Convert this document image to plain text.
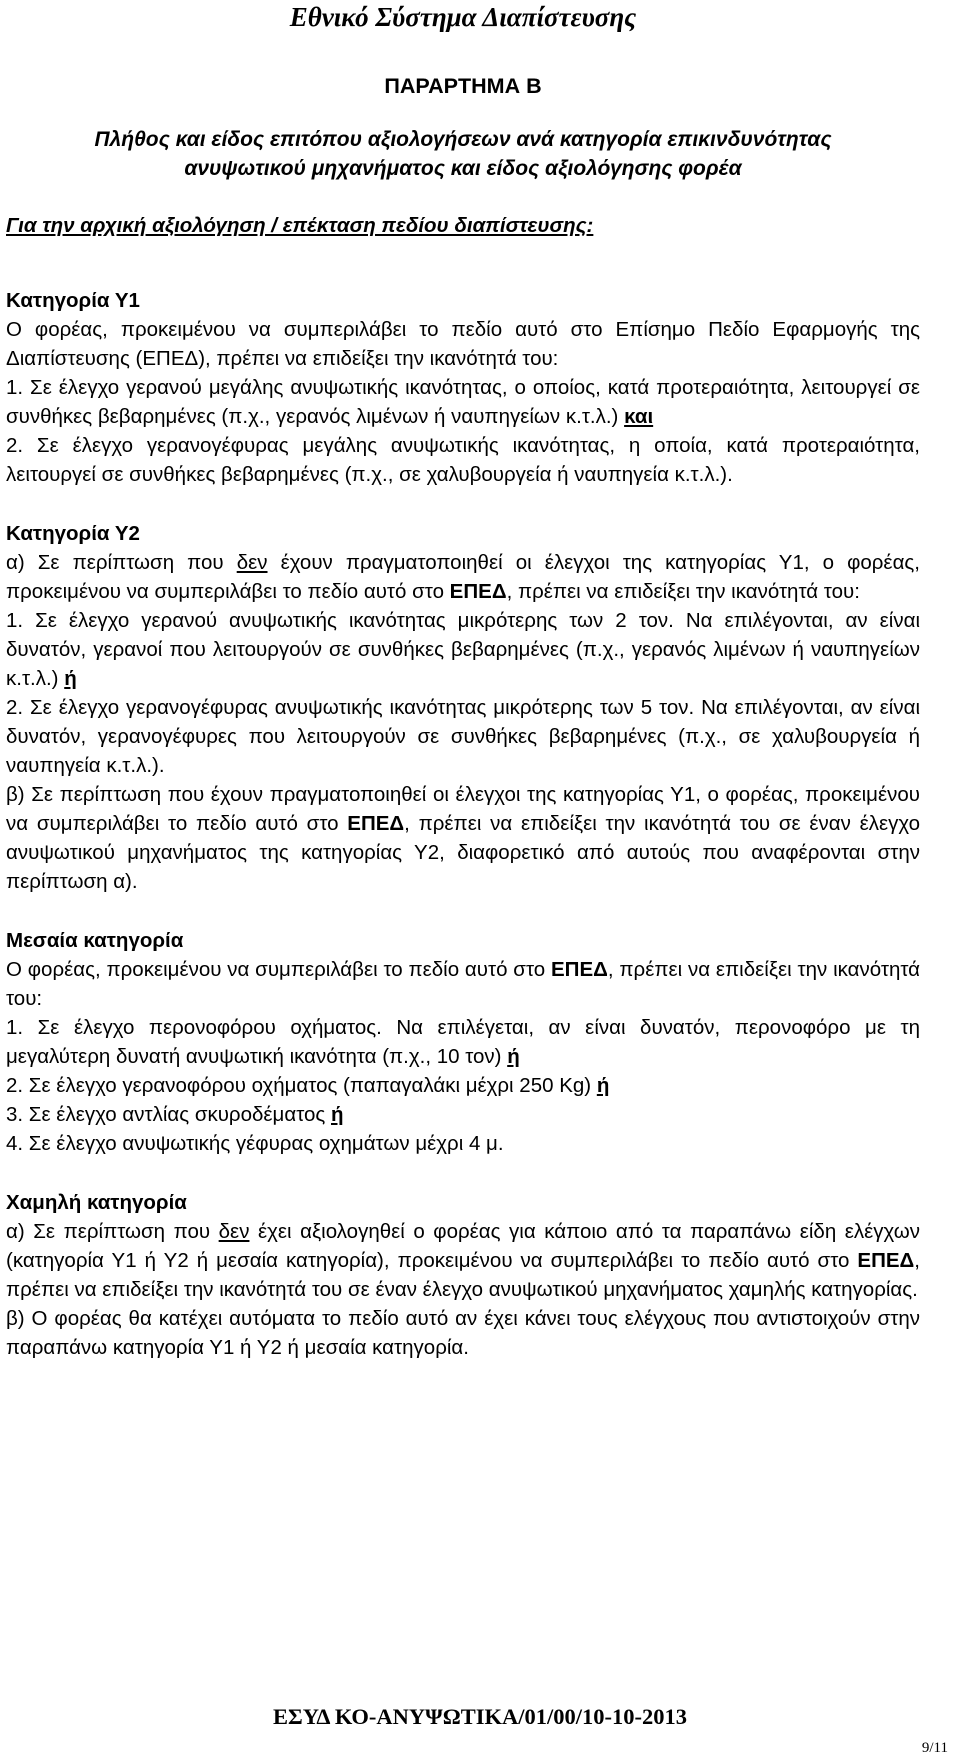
Εθνικό Σύστημα Διαπίστευσης

ΠΑΡΑΡΤΗΜΑ Β

Πλήθος και είδος επιτόπου αξιολογήσεων ανά κατηγορία επικινδυνότητας
ανυψωτικού μηχανήματος και είδος αξιολόγησης φορέα

Για την αρχική αξιολόγηση / επέκταση πεδίου διαπίστευσης:

Κατηγορία Υ1

Ο φορέας, προκειμένου να συμπεριλάβει το πεδίο αυτό στο Επίσημο Πεδίο Εφαρμογής της Διαπίστευσης (ΕΠΕΔ), πρέπει να επιδείξει την ικανότητά του:

1. Σε έλεγχο γερανού μεγάλης ανυψωτικής ικανότητας, ο οποίος, κατά προτεραιότητα, λειτουργεί σε συνθήκες βεβαρημένες (π.χ., γερανός λιμένων ή ναυπηγείων κ.τ.λ.) και

2. Σε έλεγχο γερανογέφυρας μεγάλης ανυψωτικής ικανότητας, η οποία, κατά προτεραιότητα, λειτουργεί σε συνθήκες βεβαρημένες (π.χ., σε χαλυβουργεία ή ναυπηγεία κ.τ.λ.).

Κατηγορία Υ2

α) Σε περίπτωση που δεν έχουν πραγματοποιηθεί οι έλεγχοι της κατηγορίας Υ1, ο φορέας, προκειμένου να συμπεριλάβει το πεδίο αυτό στο ΕΠΕΔ, πρέπει να επιδείξει την ικανότητά του:

1. Σε έλεγχο γερανού ανυψωτικής ικανότητας μικρότερης των 2 τον. Να επιλέγονται, αν είναι δυνατόν, γερανοί που λειτουργούν σε συνθήκες βεβαρημένες (π.χ., γερανός λιμένων ή ναυπηγείων κ.τ.λ.) ή

2. Σε έλεγχο γερανογέφυρας ανυψωτικής ικανότητας μικρότερης των 5 τον. Να επιλέγονται, αν είναι δυνατόν, γερανογέφυρες που λειτουργούν σε συνθήκες βεβαρημένες (π.χ., σε χαλυβουργεία ή ναυπηγεία κ.τ.λ.).

β) Σε περίπτωση που έχουν πραγματοποιηθεί οι έλεγχοι της κατηγορίας Υ1, ο φορέας, προκειμένου να συμπεριλάβει το πεδίο αυτό στο ΕΠΕΔ, πρέπει να επιδείξει την ικανότητά του σε έναν έλεγχο ανυψωτικού μηχανήματος της κατηγορίας Υ2, διαφορετικό από αυτούς που αναφέρονται στην περίπτωση α).

Μεσαία κατηγορία

Ο φορέας, προκειμένου να συμπεριλάβει το πεδίο αυτό στο ΕΠΕΔ, πρέπει να επιδείξει την ικανότητά του:

1. Σε έλεγχο περονοφόρου οχήματος. Να επιλέγεται, αν είναι δυνατόν, περονοφόρο με τη μεγαλύτερη δυνατή ανυψωτική ικανότητα (π.χ., 10 τον) ή

2. Σε έλεγχο γερανοφόρου οχήματος (παπαγαλάκι μέχρι 250 Kg) ή

3. Σε έλεγχο αντλίας σκυροδέματος ή

4. Σε έλεγχο ανυψωτικής γέφυρας οχημάτων μέχρι 4 μ.

Χαμηλή κατηγορία

α) Σε περίπτωση που δεν έχει αξιολογηθεί ο φορέας για κάποιο από τα παραπάνω είδη ελέγχων (κατηγορία Υ1 ή Υ2 ή μεσαία κατηγορία), προκειμένου να συμπεριλάβει το πεδίο αυτό στο ΕΠΕΔ, πρέπει να επιδείξει την ικανότητά του σε έναν έλεγχο ανυψωτικού μηχανήματος χαμηλής κατηγορίας.

β) Ο φορέας θα κατέχει αυτόματα το πεδίο αυτό αν έχει κάνει τους ελέγχους που αντιστοιχούν στην παραπάνω κατηγορία Υ1 ή Υ2 ή μεσαία κατηγορία.

ΕΣΥΔ ΚΟ-ΑΝΥΨΩΤΙΚΑ/01/00/10-10-2013
9/11
